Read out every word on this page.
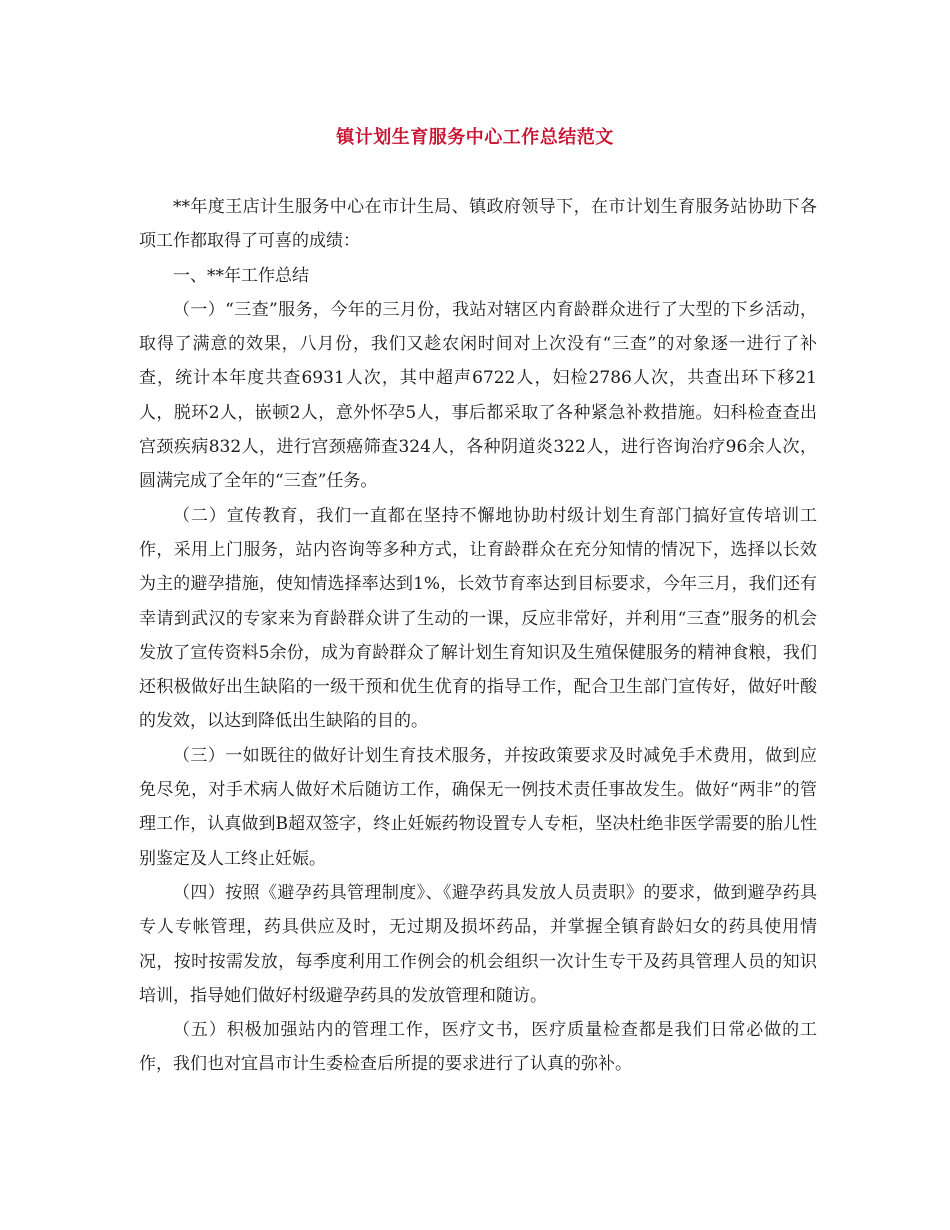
镇计划生育服务中心工作总结范文

**年度王店计生服务中心在市计生局、镇政府领导下，在市计划生育服务站协助下各项工作都取得了可喜的成绩：

一、**年工作总结

（一）“三查”服务，今年的三月份，我站对辖区内育龄群众进行了大型的下乡活动，取得了满意的效果，八月份，我们又趁农闲时间对上次没有“三查”的对象逐一进行了补查，统计本年度共查6931人次，其中超声6722人，妇检2786人次，共查出环下移21人，脱环2人，嵌顿2人，意外怀孕5人，事后都采取了各种紧急补救措施。妇科检查查出宫颈疾病832人，进行宫颈癌筛查324人，各种阴道炎322人，进行咨询治疗96余人次，圆满完成了全年的“三查”任务。

（二）宣传教育，我们一直都在坚持不懈地协助村级计划生育部门搞好宣传培训工作，采用上门服务，站内咨询等多种方式，让育龄群众在充分知情的情况下，选择以长效为主的避孕措施，使知情选择率达到1%，长效节育率达到目标要求，今年三月，我们还有幸请到武汉的专家来为育龄群众讲了生动的一课，反应非常好，并利用“三查”服务的机会发放了宣传资料5余份，成为育龄群众了解计划生育知识及生殖保健服务的精神食粮，我们还积极做好出生缺陷的一级干预和优生优育的指导工作，配合卫生部门宣传好，做好叶酸的发效，以达到降低出生缺陷的目的。

（三）一如既往的做好计划生育技术服务，并按政策要求及时减免手术费用，做到应免尽免，对手术病人做好术后随访工作，确保无一例技术责任事故发生。做好“两非”的管理工作，认真做到B超双签字，终止妊娠药物设置专人专柜，坚决杜绝非医学需要的胎儿性别鉴定及人工终止妊娠。

（四）按照《避孕药具管理制度》、《避孕药具发放人员责职》的要求，做到避孕药具专人专帐管理，药具供应及时，无过期及损坏药品，并掌握全镇育龄妇女的药具使用情况，按时按需发放，每季度利用工作例会的机会组织一次计生专干及药具管理人员的知识培训，指导她们做好村级避孕药具的发放管理和随访。

（五）积极加强站内的管理工作，医疗文书，医疗质量检查都是我们日常必做的工作，我们也对宜昌市计生委检查后所提的要求进行了认真的弥补。
